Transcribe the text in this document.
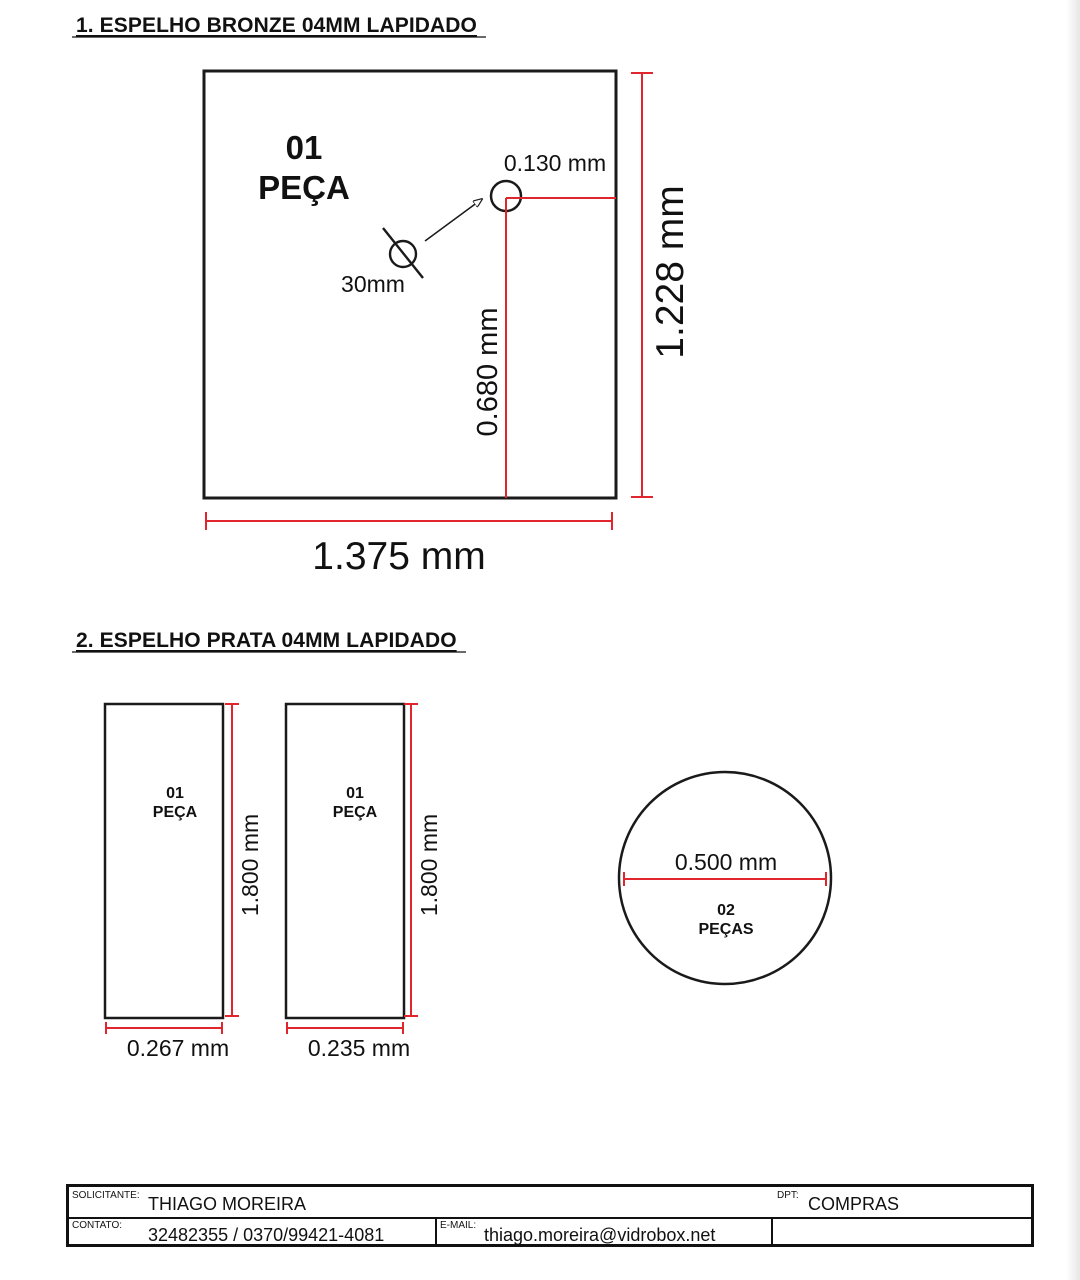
1. ESPELHO BRONZE 04MM LAPIDADO
2. ESPELHO PRATA 04MM LAPIDADO
01
PEÇA
0.130 mm
0.680 mm
30mm	1.228 mm
1.375 mm
01
PEÇA
1.800 mm
0.267 mm
01
PEÇA
1.800 mm
0.235 mm
0.500 mm
02
PEÇAS
SOLICITANTE: THIAGO MOREIRA	DPT: COMPRAS
CONTATO: 32482355 / 0370/99421-4081	E-MAIL: thiago.moreira@vidrobox.net
